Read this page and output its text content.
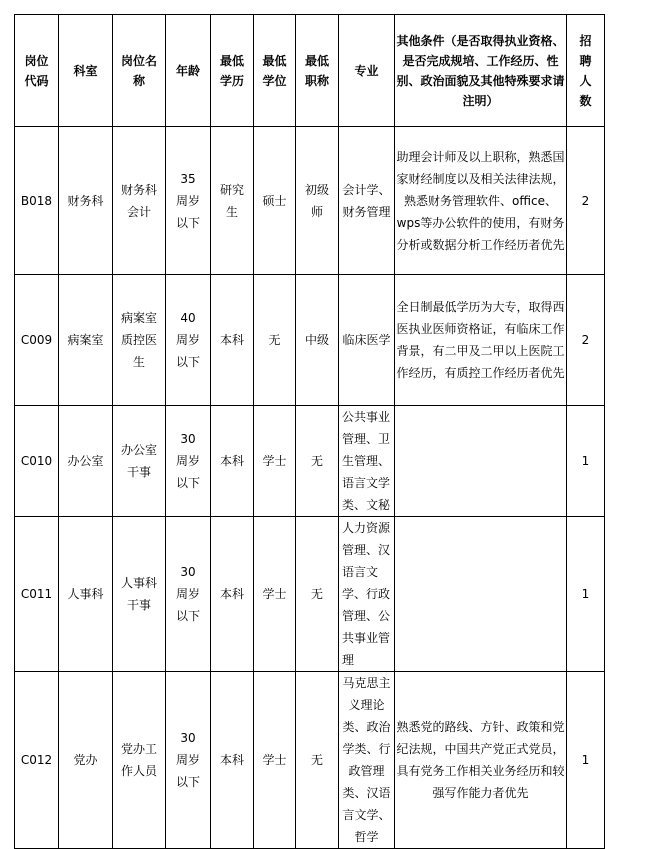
岗位代码	科室	岗位名称	年龄	最低学历	最低学位	最低职称	专业	其他条件（是否取得执业资格、是否完成规培、工作经历、性别、政治面貌及其他特殊要求请注明）	招聘人数
B018	财务科	财务科会计	35周岁以下	研究生	硕士	初级师	会计学、财务管理	助理会计师及以上职称，熟悉国家财经制度以及相关法律法规，熟悉财务管理软件、office、wps等办公软件的使用，有财务分析或数据分析工作经历者优先	2
C009	病案室	病案室质控医生	40周岁以下	本科	无	中级	临床医学	全日制最低学历为大专，取得西医执业医师资格证，有临床工作背景，有二甲及二甲以上医院工作经历，有质控工作经历者优先	2
C010	办公室	办公室干事	30周岁以下	本科	学士	无	公共事业管理、卫生管理、语言文学类、文秘		1
C011	人事科	人事科干事	30周岁以下	本科	学士	无	人力资源管理、汉语言文学、行政管理、公共事业管理		1
C012	党办	党办工作人员	30周岁以下	本科	学士	无	马克思主义理论类、政治学类、行政管理类、汉语言文学、哲学	熟悉党的路线、方针、政策和党纪法规，中国共产党正式党员，具有党务工作相关业务经历和较强写作能力者优先	1
